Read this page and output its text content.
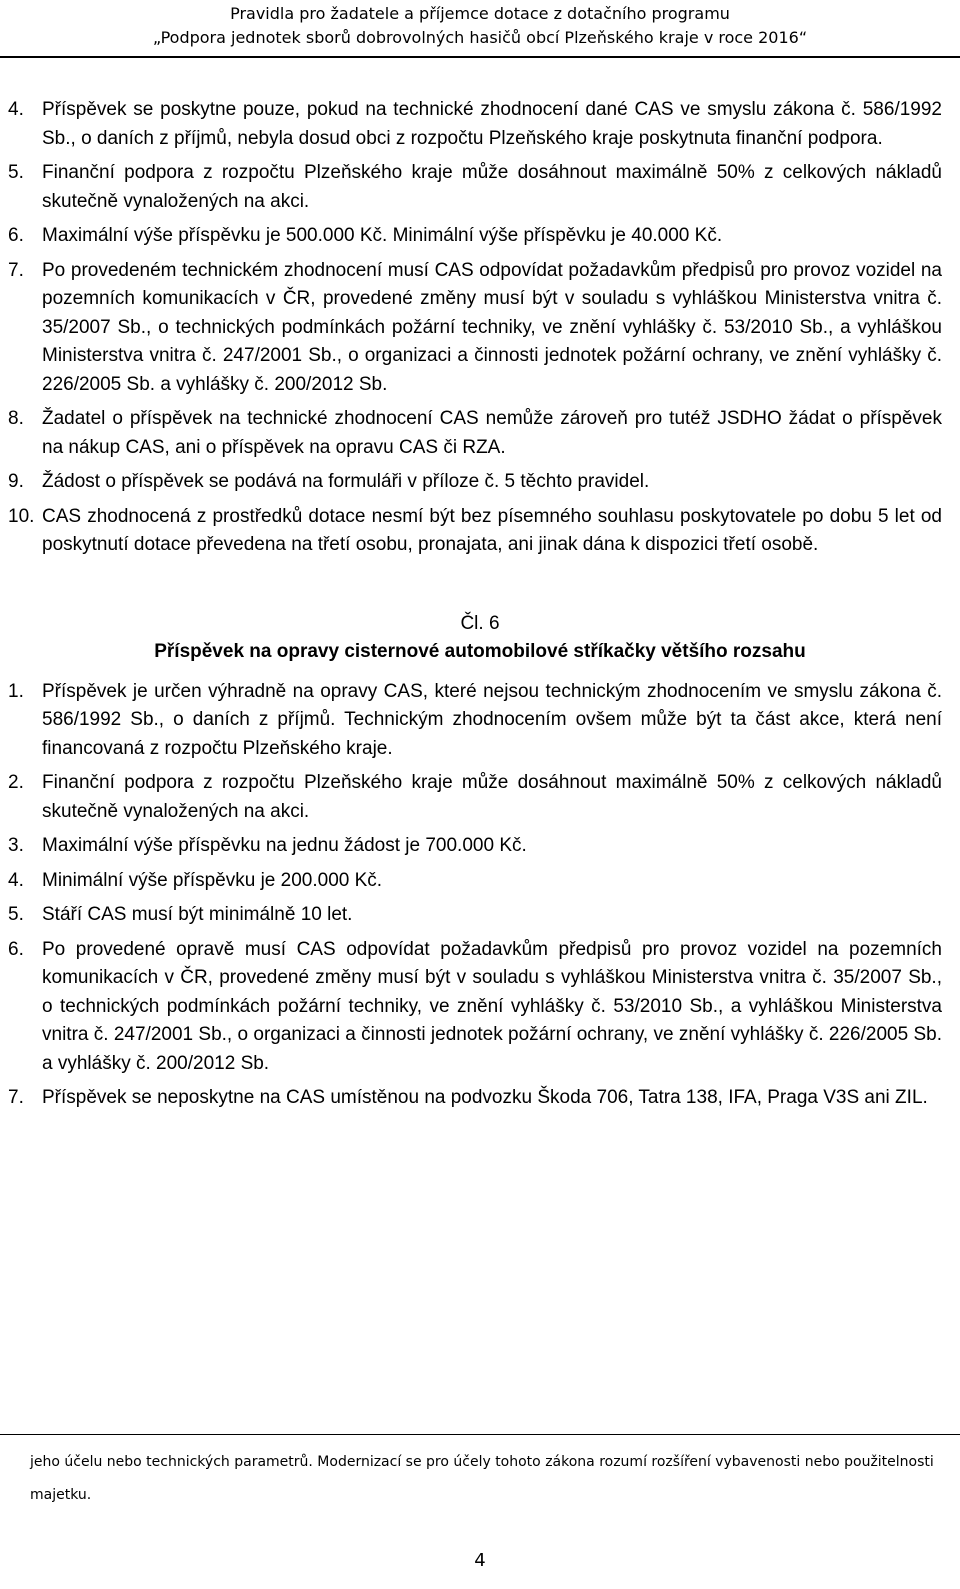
Pravidla pro žadatele a příjemce dotace z dotačního programu
„Podpora jednotek sborů dobrovolných hasičů obcí Plzeňského kraje v roce 2016“
4. Příspěvek se poskytne pouze, pokud na technické zhodnocení dané CAS ve smyslu zákona č. 586/1992 Sb., o daních z příjmů, nebyla dosud obci z rozpočtu Plzeňského kraje poskytnuta finanční podpora.
5. Finanční podpora z rozpočtu Plzeňského kraje může dosáhnout maximálně 50% z celkových nákladů skutečně vynaložených na akci.
6. Maximální výše příspěvku je 500.000 Kč. Minimální výše příspěvku je 40.000 Kč.
7. Po provedeném technickém zhodnocení musí CAS odpovídat požadavkům předpisů pro provoz vozidel na pozemních komunikacích v ČR, provedené změny musí být v souladu s vyhláškou Ministerstva vnitra č. 35/2007 Sb., o technických podmínkách požární techniky, ve znění vyhlášky č. 53/2010 Sb., a vyhláškou Ministerstva vnitra č. 247/2001 Sb., o organizaci a činnosti jednotek požární ochrany, ve znění vyhlášky č. 226/2005 Sb. a vyhlášky č. 200/2012 Sb.
8. Žadatel o příspěvek na technické zhodnocení CAS nemůže zároveň pro tutéž JSDHO žádat o příspěvek na nákup CAS, ani o příspěvek na opravu CAS či RZA.
9. Žádost o příspěvek se podává na formuláři v příloze č. 5 těchto pravidel.
10. CAS zhodnocená z prostředků dotace nesmí být bez písemného souhlasu poskytovatele po dobu 5 let od poskytnutí dotace převedena na třetí osobu, pronajata, ani jinak dána k dispozici třetí osobě.
Čl. 6
Příspěvek na opravy cisternové automobilové stříkačky většího rozsahu
1. Příspěvek je určen výhradně na opravy CAS, které nejsou technickým zhodnocením ve smyslu zákona č. 586/1992 Sb., o daních z příjmů. Technickým zhodnocením ovšem může být ta část akce, která není financovaná z rozpočtu Plzeňského kraje.
2. Finanční podpora z rozpočtu Plzeňského kraje může dosáhnout maximálně 50% z celkových nákladů skutečně vynaložených na akci.
3. Maximální výše příspěvku na jednu žádost je 700.000 Kč.
4. Minimální výše příspěvku je 200.000 Kč.
5. Stáří CAS musí být minimálně 10 let.
6. Po provedené opravě musí CAS odpovídat požadavkům předpisů pro provoz vozidel na pozemních komunikacích v ČR, provedené změny musí být v souladu s vyhláškou Ministerstva vnitra č. 35/2007 Sb., o technických podmínkách požární techniky, ve znění vyhlášky č. 53/2010 Sb., a vyhláškou Ministerstva vnitra č. 247/2001 Sb., o organizaci a činnosti jednotek požární ochrany, ve znění vyhlášky č. 226/2005 Sb. a vyhlášky č. 200/2012 Sb.
7. Příspěvek se neposkytne na CAS umístěnou na podvozku Škoda 706, Tatra 138, IFA, Praga V3S ani ZIL.
jeho účelu nebo technických parametrů. Modernizací se pro účely tohoto zákona rozumí rozšíření vybavenosti nebo použitelnosti majetku.
4
